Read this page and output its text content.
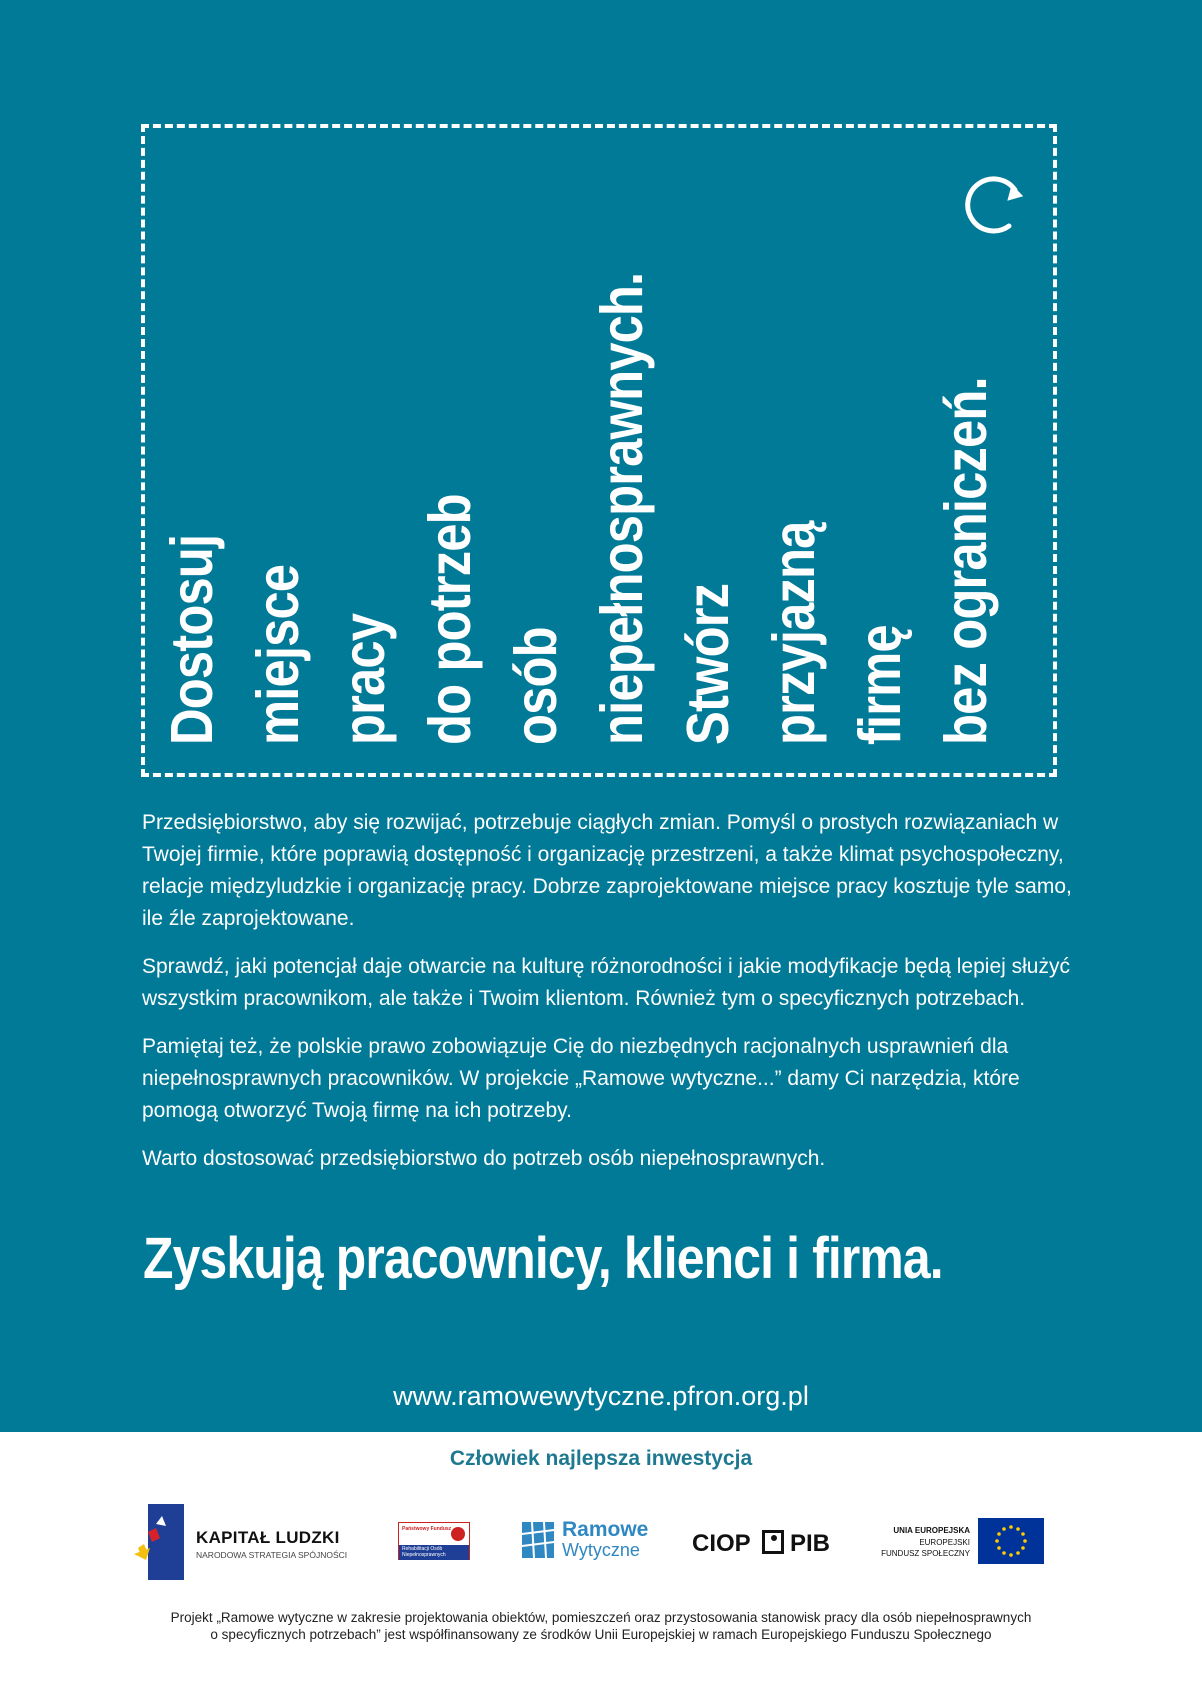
Dostosuj miejsce pracy do potrzeb osób niepełnosprawnych. Stwórz przyjazną firmę bez ograniczeń.

Przedsiębiorstwo, aby się rozwijać, potrzebuje ciągłych zmian. Pomyśl o prostych rozwiązaniach w Twojej firmie, które poprawią dostępność i organizację przestrzeni, a także klimat psychospołeczny, relacje międzyludzkie i organizację pracy. Dobrze zaprojektowane miejsce pracy kosztuje tyle samo, ile źle zaprojektowane.

Sprawdź, jaki potencjał daje otwarcie na kulturę różnorodności i jakie modyfikacje będą lepiej służyć wszystkim pracownikom, ale także i Twoim klientom. Również tym o specyficznych potrzebach.

Pamiętaj też, że polskie prawo zobowiązuje Cię do niezbędnych racjonalnych usprawnień dla niepełnosprawnych pracowników. W projekcie „Ramowe wytyczne...” damy Ci narzędzia, które pomogą otworzyć Twoją firmę na ich potrzeby.

Warto dostosować przedsiębiorstwo do potrzeb osób niepełnosprawnych.

Zyskują pracownicy, klienci i firma.
www.ramowewytyczne.pfron.org.pl
Człowiek najlepsza inwestycja
KAPITAŁ LUDZKI
NARODOWA STRATEGIA SPÓJNOŚCI
Państwowy Fundusz
Rehabilitacji Osób
Niepełnosprawnych
Ramowe
Wytyczne CIOP PIB	UNIA EUROPEJSKA
EUROPEJSKI
FUNDUSZ SPOŁECZNY
Projekt „Ramowe wytyczne w zakresie projektowania obiektów, pomieszczeń oraz przystosowania stanowisk pracy dla osób niepełnosprawnych
o specyficznych potrzebach” jest współfinansowany ze środków Unii Europejskiej w ramach Europejskiego Funduszu Społecznego
